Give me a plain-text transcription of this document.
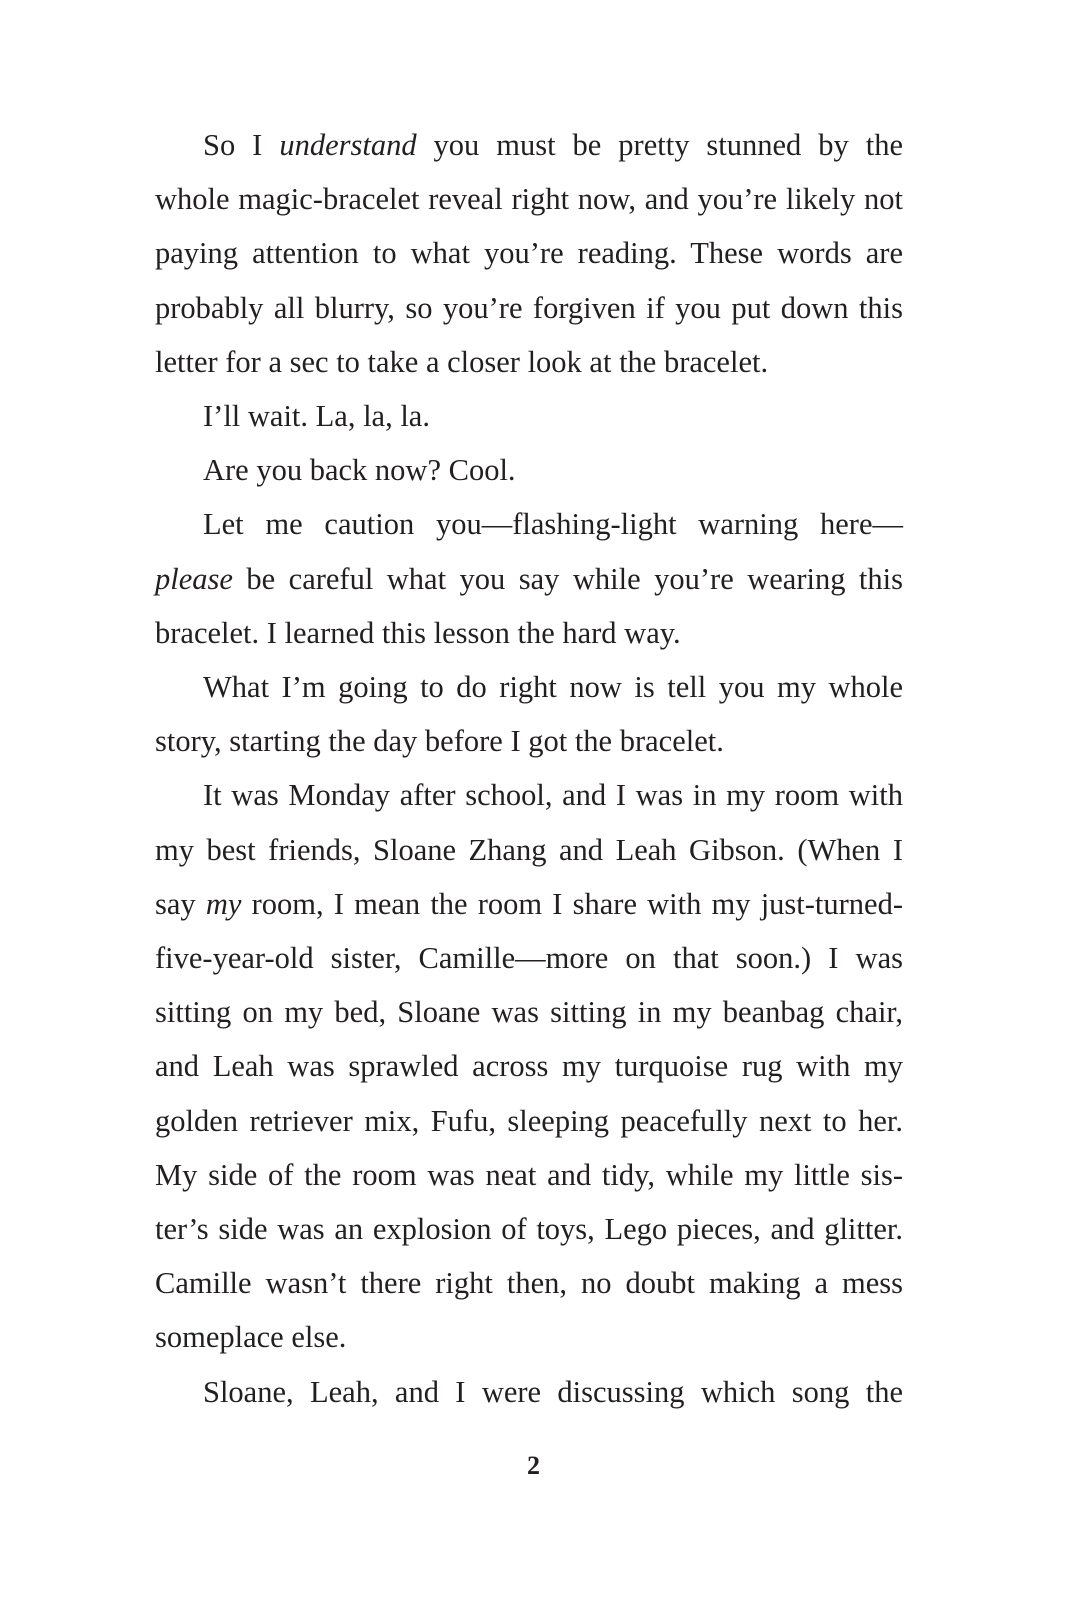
So I understand you must be pretty stunned by the
whole magic-bracelet reveal right now, and you’re likely not
paying attention to what you’re reading. These words are
probably all blurry, so you’re forgiven if you put down this
letter for a sec to take a closer look at the bracelet.
I’ll wait. La, la, la.
Are you back now? Cool.
Let me caution you—flashing-light warning here—
please be careful what you say while you’re wearing this
bracelet. I learned this lesson the hard way.
What I’m going to do right now is tell you my whole
story, starting the day before I got the bracelet.
It was Monday after school, and I was in my room with
my best friends, Sloane Zhang and Leah Gibson. (When I
say my room, I mean the room I share with my just-turned-
five-year-old sister, Camille—more on that soon.) I was
sitting on my bed, Sloane was sitting in my beanbag chair,
and Leah was sprawled across my turquoise rug with my
golden retriever mix, Fufu, sleeping peacefully next to her.
My side of the room was neat and tidy, while my little sis-
ter’s side was an explosion of toys, Lego pieces, and glitter.
Camille wasn’t there right then, no doubt making a mess
someplace else.
Sloane, Leah, and I were discussing which song the
2
